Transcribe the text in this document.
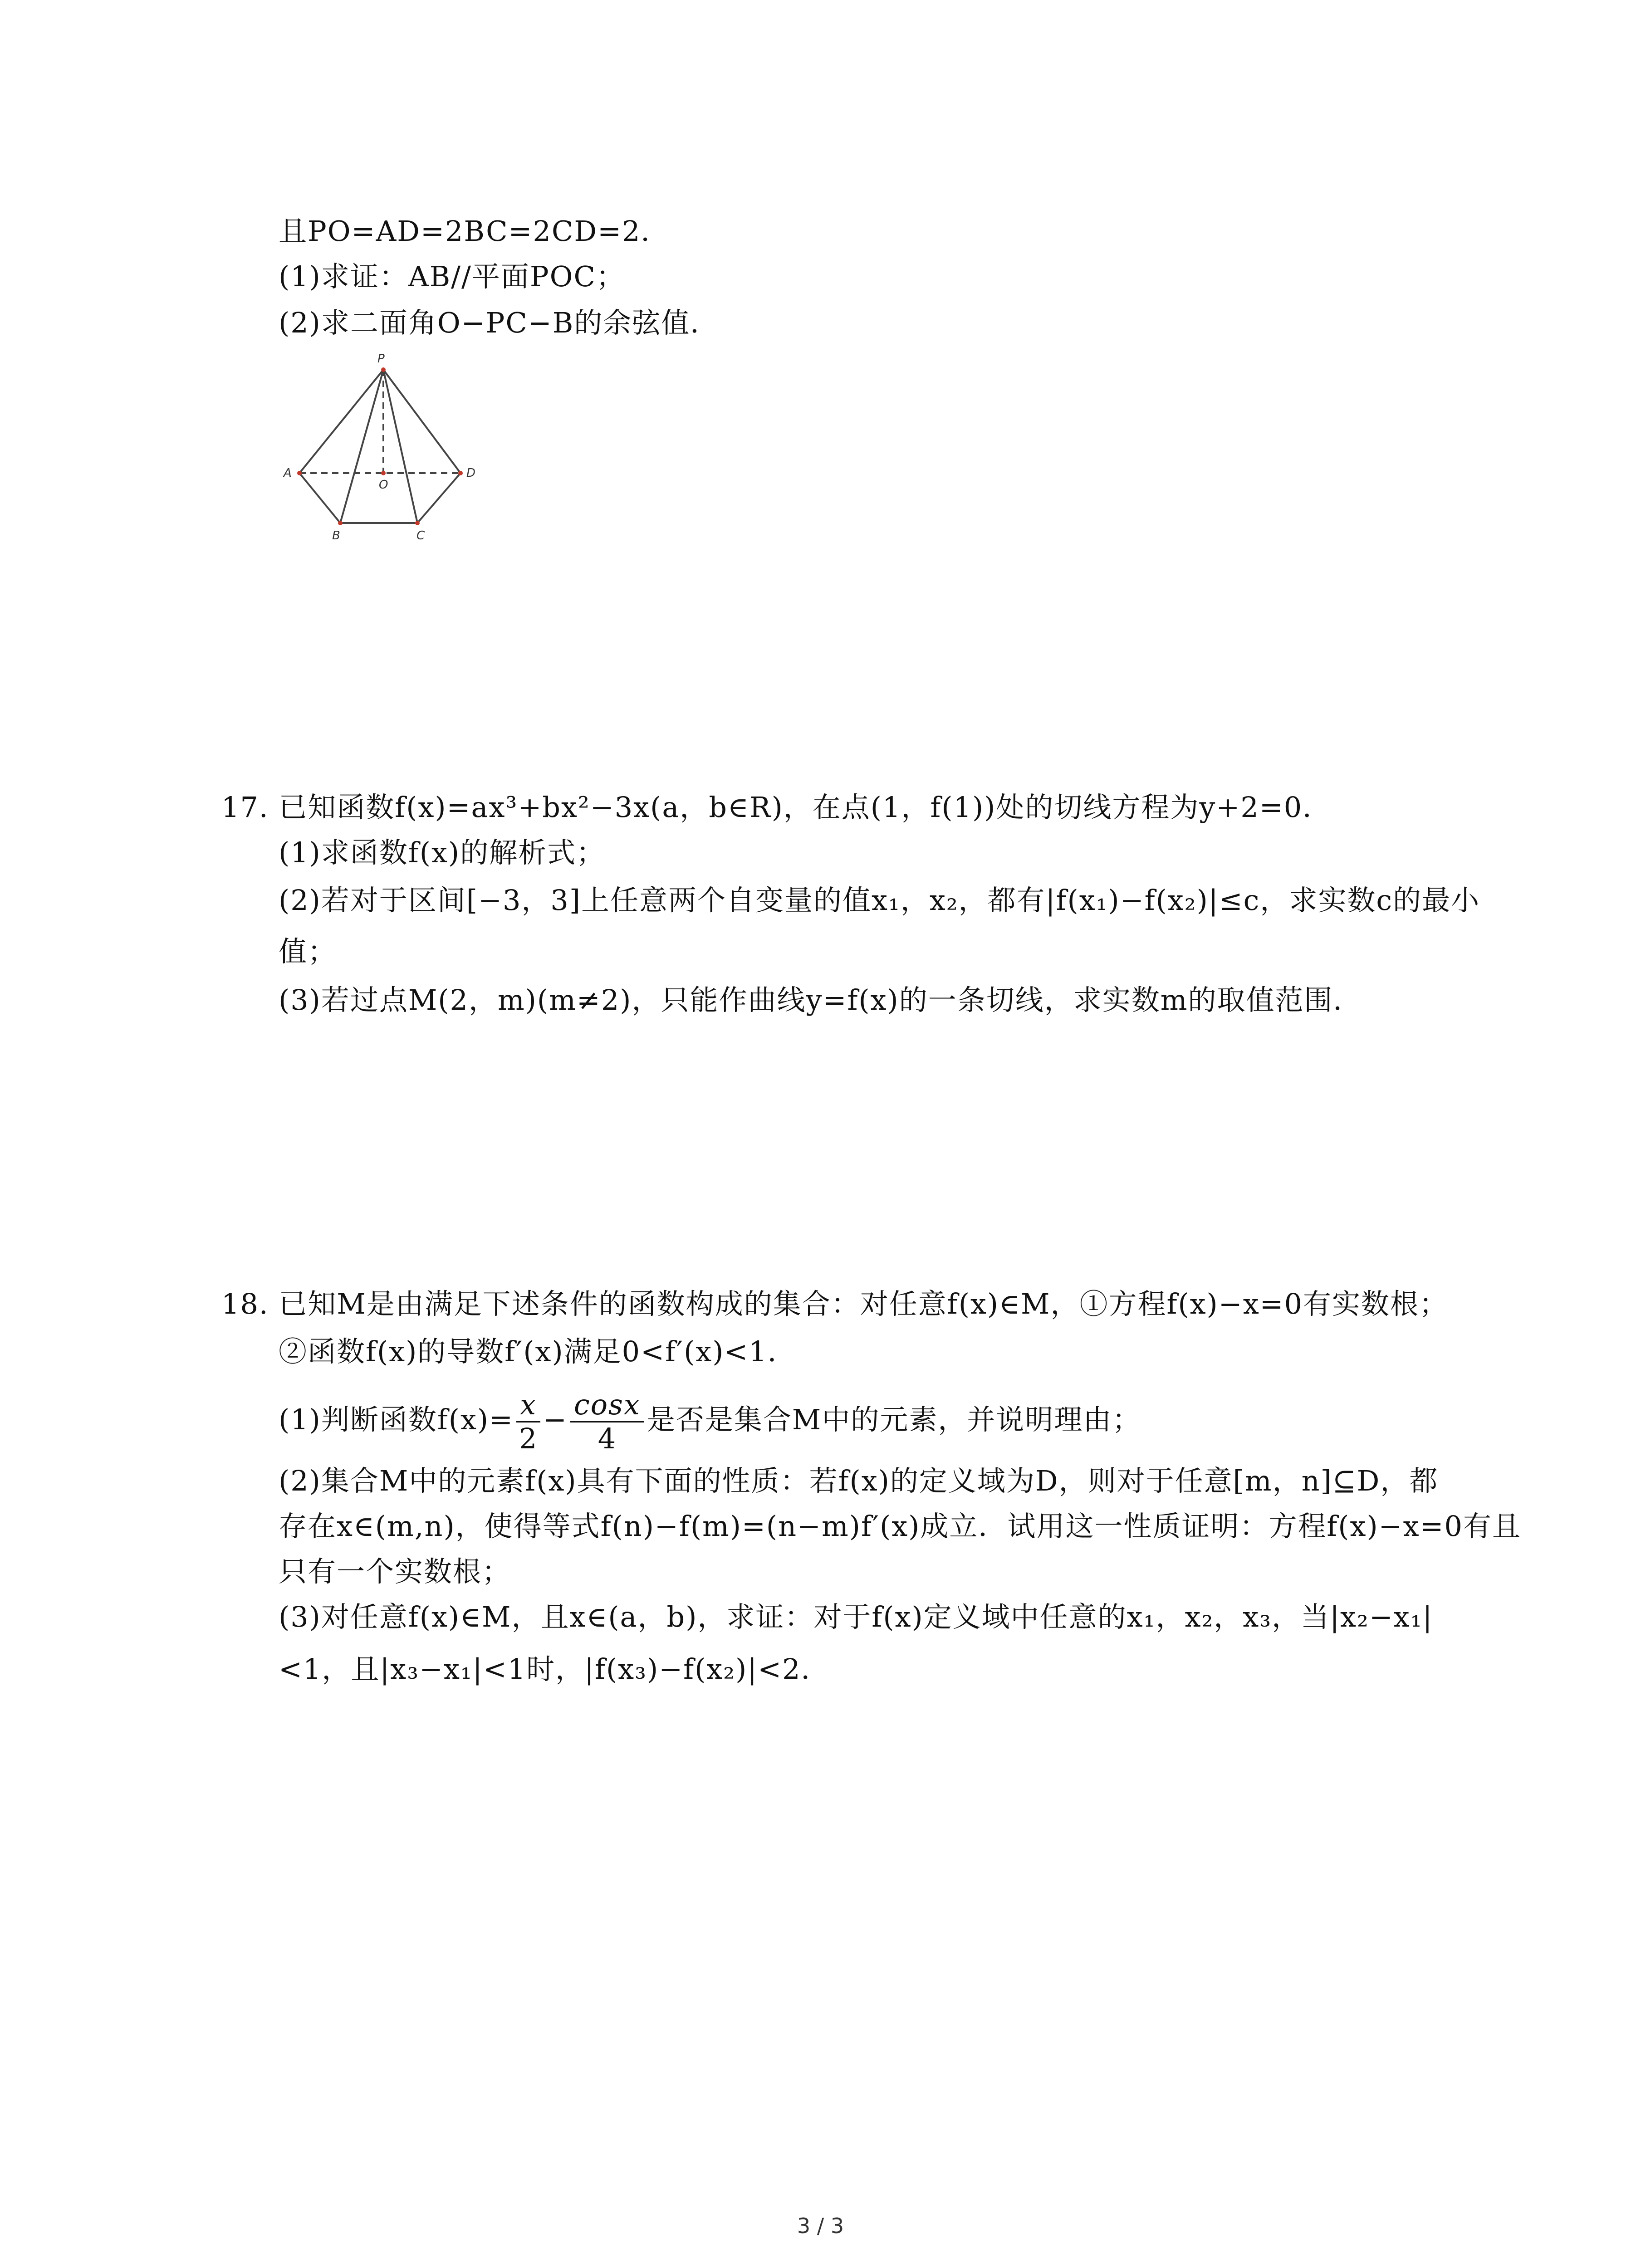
且PO=AD=2BC=2CD=2．
(1)求证：AB//平面POC；
(2)求二面角O−PC−B的余弦值．
P
A
O
D
B	C
17. 已知函数f(x)=ax³+bx²−3x(a，b∈R)，在点(1，f(1))处的切线方程为y+2=0．
(1)求函数f(x)的解析式；
(2)若对于区间[−3，3]上任意两个自变量的值x₁，x₂，都有|f(x₁)−f(x₂)|≤c，求实数c的最小
值；
(3)若过点M(2，m)(m≠2)，只能作曲线y=f(x)的一条切线，求实数m的取值范围．
18. 已知M是由满足下述条件的函数构成的集合：对任意f(x)∈M，①方程f(x)−x=0有实数根；
②函数f(x)的导数f′(x)满足0<f′(x)<1．
(1)判断函数$f(x)= \frac{x}{2} - \frac{\cos x}{4}$ 是否是集合M中的元素，并说明理由；
(2)集合M中的元素f(x)具有下面的性质：若f(x)的定义域为D，则对于任意[m，n]⊆D，都
存在x∈(m,n)，使得等式f(n)−f(m)=(n−m)f′(x)成立．试用这一性质证明：方程f(x)−x=0有且
只有一个实数根；
(3)对任意f(x)∈M，且x∈(a，b)，求证：对于f(x)定义域中任意的x₁，x₂，x₃，当|x₂−x₁|
<1，且|x₃−x₁|<1时，|f(x₃)−f(x₂)|<2．
3 / 3
